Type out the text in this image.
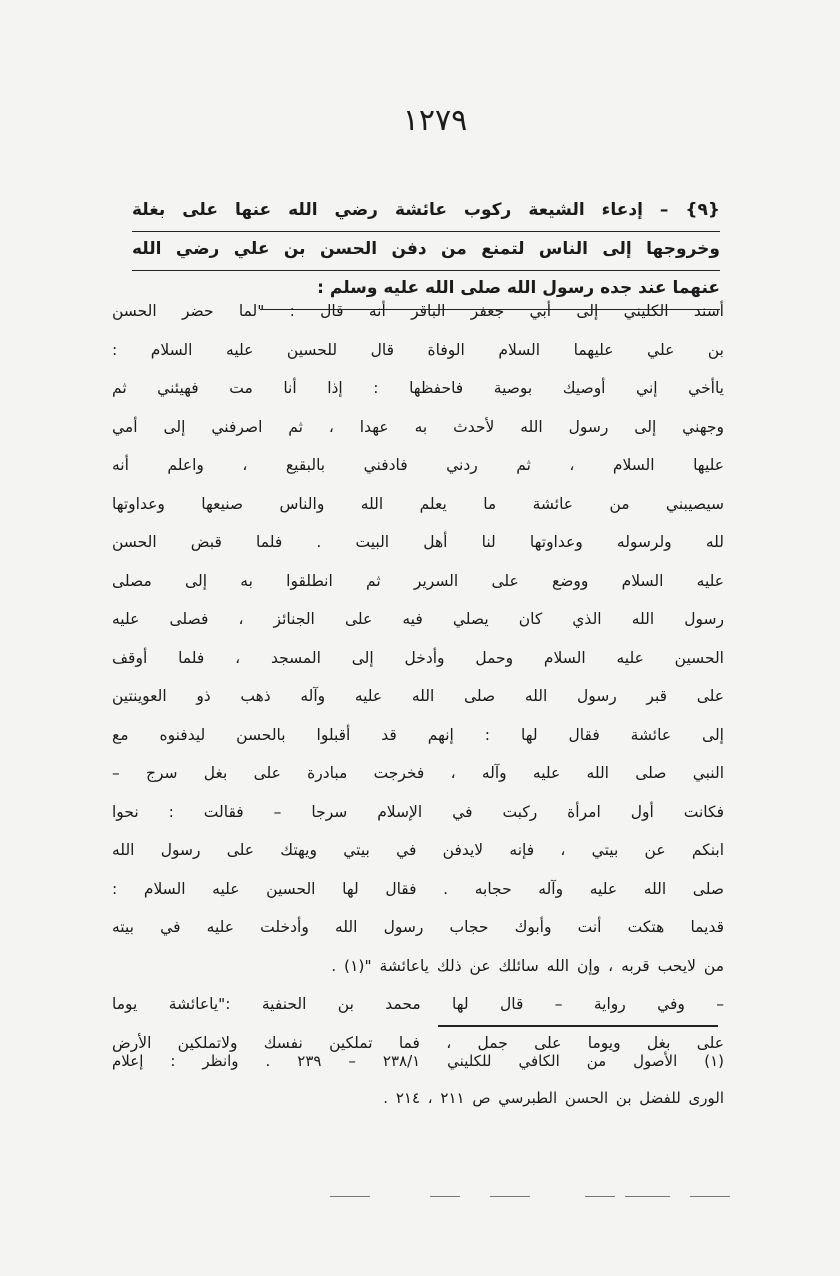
١٢٧٩
{٩} – إدعاء الشيعة ركوب عائشة رضي الله عنها على بغلة
وخروجها إلى الناس لتمنع من دفن الحسن بن علي رضي الله
عنهما عند جده رسول الله صلى الله عليه وسلم :
أسند الكليني إلى أبي جعفر الباقر أنه قال : "لما حضر الحسن
بن علي عليهما السلام الوفاة قال للحسين عليه السلام :
ياأخي إني أوصيك بوصية فاحفظها : إذا أنا مت فهيئني ثم
وجهني إلى رسول الله لأحدث به عهدا ، ثم اصرفني إلى أمي
عليها السلام ، ثم ردني فادفني بالبقيع ، واعلم أنه
سيصيبني من عائشة ما يعلم الله والناس صنيعها وعداوتها
لله ولرسوله وعداوتها لنا أهل البيت . فلما قبض الحسن
عليه السلام ووضع على السرير ثم انطلقوا به إلى مصلى
رسول الله الذي كان يصلي فيه على الجنائز ، فصلى عليه
الحسين عليه السلام وحمل وأدخل إلى المسجد ، فلما أوقف
على قبر رسول الله صلى الله عليه وآله ذهب ذو العوينتين
إلى عائشة فقال لها : إنهم قد أقبلوا بالحسن ليدفنوه مع
النبي صلى الله عليه وآله ، فخرجت مبادرة على بغل سرج –
فكانت أول امرأة ركبت في الإسلام سرجا – فقالت : نحوا
ابنكم عن بيتي ، فإنه لايدفن في بيتي ويهتك على رسول الله
صلى الله عليه وآله حجابه . فقال لها الحسين عليه السلام :
قديما هتكت أنت وأبوك حجاب رسول الله وأدخلت عليه في بيته
من لايحب قربه ، وإن الله سائلك عن ذلك ياعائشة "(١) .
– وفي رواية – قال لها محمد بن الحنفية :"ياعائشة يوما
على بغل ويوما على جمل ، فما تملكين نفسك ولاتملكين الأرض
(١) الأصول من الكافي للكليني ٢٣٨/١ – ٢٣٩ . وانظر : إعلام
الورى للفضل بن الحسن الطبرسي ص ٢١١ ، ٢١٤ .
